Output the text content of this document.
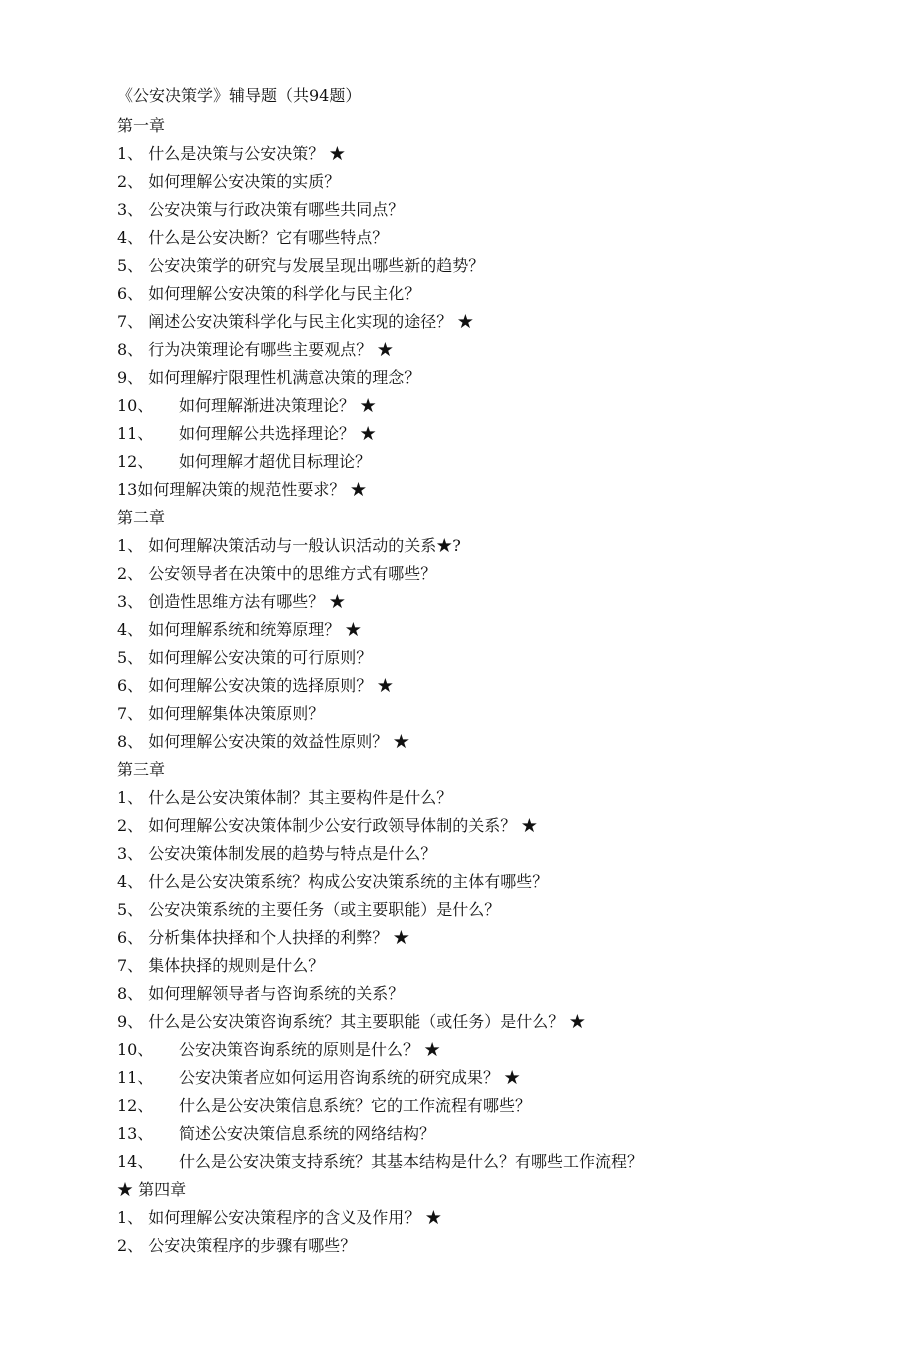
《公安决策学》辅导题（共94题）
第一章
1、 什么是决策与公安决策？ ★
2、 如何理解公安决策的实质？
3、 公安决策与行政决策有哪些共同点？
4、 什么是公安决断？它有哪些特点？
5、 公安决策学的研究与发展呈现出哪些新的趋势？
6、 如何理解公安决策的科学化与民主化？
7、 阐述公安决策科学化与民主化实现的途径？ ★
8、 行为决策理论有哪些主要观点？ ★
9、 如何理解疔限理性机满意决策的理念？
10、 如何理解渐进决策理论？ ★
11、 如何理解公共选择理论？ ★
12、 如何理解才超优目标理论？
13如何理解决策的规范性要求？ ★
第二章
1、 如何理解决策活动与一般认识活动的关系★?
2、 公安领导者在决策中的思维方式有哪些？
3、 创造性思维方法有哪些？ ★
4、 如何理解系统和统筹原理？ ★
5、 如何理解公安决策的可行原则？
6、 如何理解公安决策的选择原则？ ★
7、 如何理解集体决策原则？
8、 如何理解公安决策的效益性原则？ ★
第三章
1、 什么是公安决策体制？其主要构件是什么？
2、 如何理解公安决策体制少公安行政领导体制的关系？ ★
3、 公安决策体制发展的趋势与特点是什么？
4、 什么是公安决策系统？构成公安决策系统的主体有哪些？
5、 公安决策系统的主要任务（或主要职能）是什么？
6、 分析集体抉择和个人抉择的利弊？ ★
7、 集体抉择的规则是什么？
8、 如何理解领导者与咨询系统的关系？
9、 什么是公安决策咨询系统？其主要职能（或任务）是什么？ ★
10、 公安决策咨询系统的原则是什么？ ★
11、 公安决策者应如何运用咨询系统的研究成果？ ★
12、 什么是公安决策信息系统？它的工作流程有哪些？
13、 简述公安决策信息系统的网络结构？
14、 什么是公安决策支持系统？其基本结构是什么？有哪些工作流程？
★ 第四章
1、 如何理解公安决策程序的含义及作用？ ★
2、 公安决策程序的步骤有哪些？
